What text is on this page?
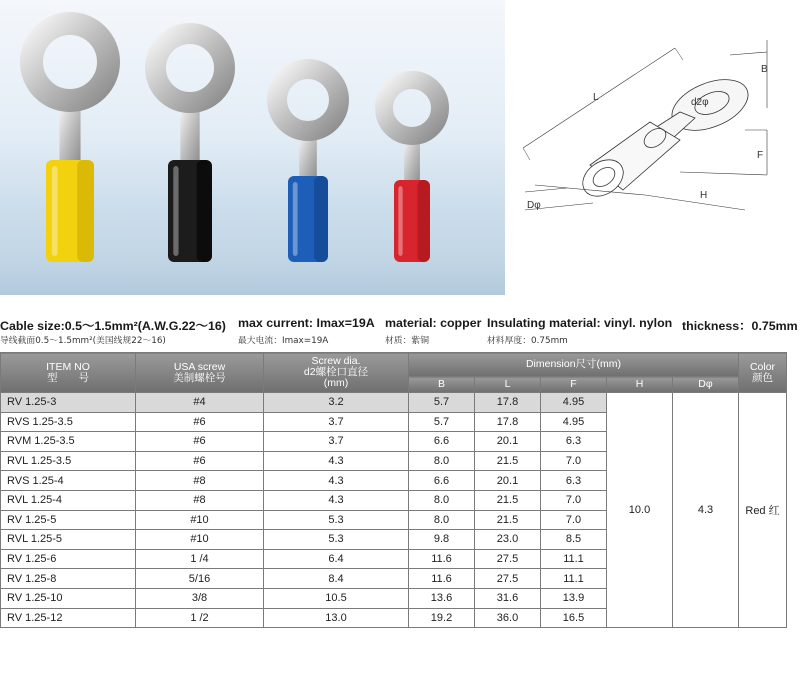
L
B
F
H
Dφ
d2φ
Cable size:0.5～1.5mm²(A.W.G.22～16) max current: Imax=19A material: copper Insulating material: vinyl. nylon thickness：0.75mm
导线截面0.5～1.5mm²(美国线规22～16)	最大电流：Imax=19A	材质：紫铜	材料厚度：0.75mm
ITEM NO
型　　号	USA screw
美制螺栓号	Screw dia.
d2螺栓口直径
(mm)	Dimension尺寸(mm)					Color
颜色

			B	L	F	H	Dφ	
RV 1.25-3	#4	3.2	5.7	17.8	4.95	10.0	4.3	Red 红
RVS 1.25-3.5	#6	3.7	5.7	17.8	4.95			
RVM 1.25-3.5	#6	3.7	6.6	20.1	6.3			
RVL 1.25-3.5	#6	4.3	8.0	21.5	7.0			
RVS 1.25-4	#8	4.3	6.6	20.1	6.3			
RVL 1.25-4	#8	4.3	8.0	21.5	7.0			
RV 1.25-5	#10	5.3	8.0	21.5	7.0			
RVL 1.25-5	#10	5.3	9.8	23.0	8.5			
RV 1.25-6	1 /4	6.4	11.6	27.5	11.1			
RV 1.25-8	5/16	8.4	11.6	27.5	11.1			
RV 1.25-10	3/8	10.5	13.6	31.6	13.9			
RV 1.25-12	1 /2	13.0	19.2	36.0	16.5			
